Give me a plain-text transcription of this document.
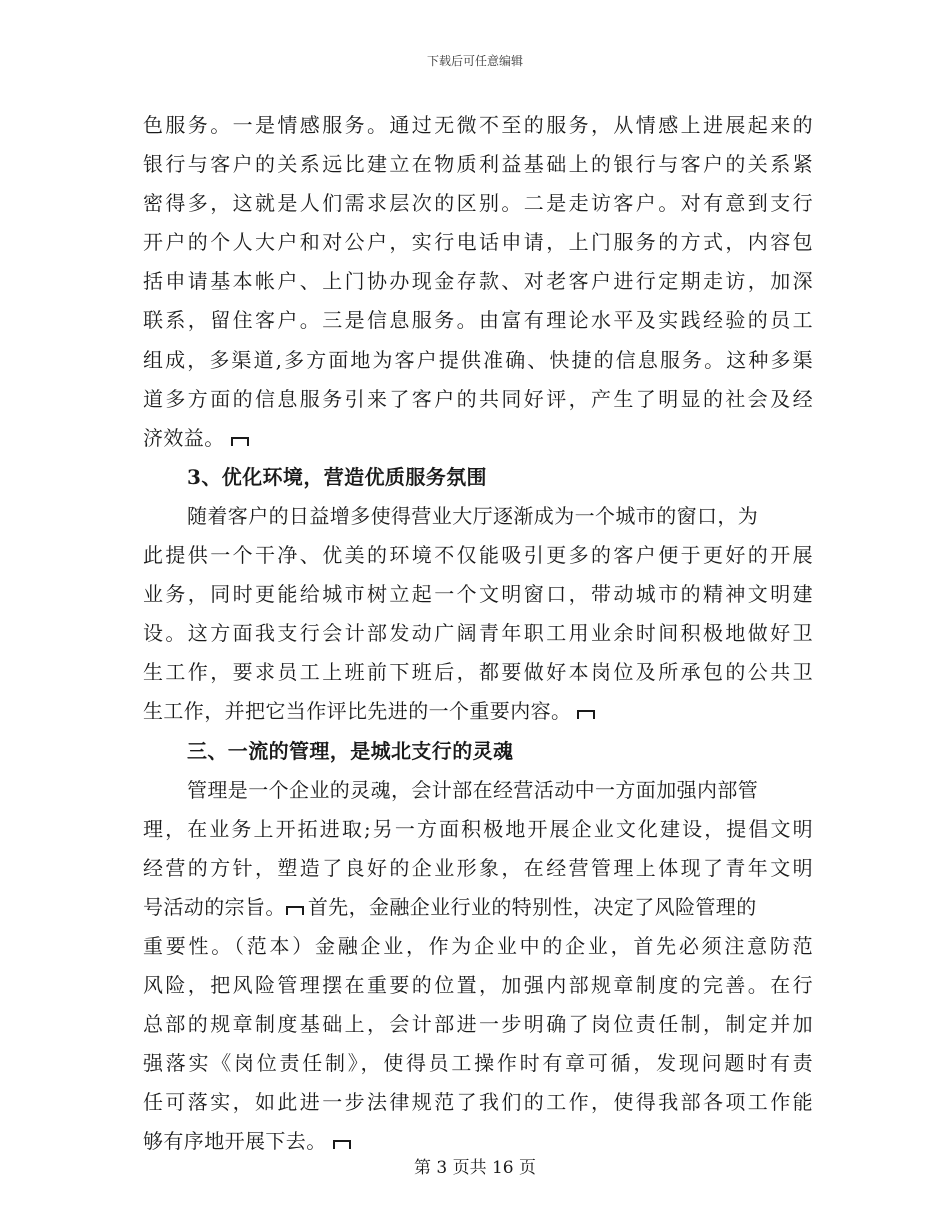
下载后可任意编辑
色服务。一是情感服务。通过无微不至的服务，从情感上进展起来的
银行与客户的关系远比建立在物质利益基础上的银行与客户的关系紧
密得多，这就是人们需求层次的区别。二是走访客户。对有意到支行
开户的个人大户和对公户，实行电话申请，上门服务的方式，内容包
括申请基本帐户、上门协办现金存款、对老客户进行定期走访，加深
联系，留住客户。三是信息服务。由富有理论水平及实践经验的员工
组成，多渠道,多方面地为客户提供准确、快捷的信息服务。这种多渠
道多方面的信息服务引来了客户的共同好评，产生了明显的社会及经
济效益。
3、优化环境，营造优质服务氛围
随着客户的日益增多使得营业大厅逐渐成为一个城市的窗口，为
此提供一个干净、优美的环境不仅能吸引更多的客户便于更好的开展
业务，同时更能给城市树立起一个文明窗口，带动城市的精神文明建
设。这方面我支行会计部发动广阔青年职工用业余时间积极地做好卫
生工作，要求员工上班前下班后，都要做好本岗位及所承包的公共卫
生工作，并把它当作评比先进的一个重要内容。
三、一流的管理，是城北支行的灵魂
管理是一个企业的灵魂，会计部在经营活动中一方面加强内部管
理，在业务上开拓进取;另一方面积极地开展企业文化建设，提倡文明
经营的方针，塑造了良好的企业形象，在经营管理上体现了青年文明
号活动的宗旨。 首先，金融企业行业的特别性，决定了风险管理的
重要性。（范本）金融企业，作为企业中的企业，首先必须注意防范
风险，把风险管理摆在重要的位置，加强内部规章制度的完善。在行
总部的规章制度基础上，会计部进一步明确了岗位责任制，制定并加
强落实《岗位责任制》，使得员工操作时有章可循，发现问题时有责
任可落实，如此进一步法律规范了我们的工作，使得我部各项工作能
够有序地开展下去。
第 3 页共 16 页
